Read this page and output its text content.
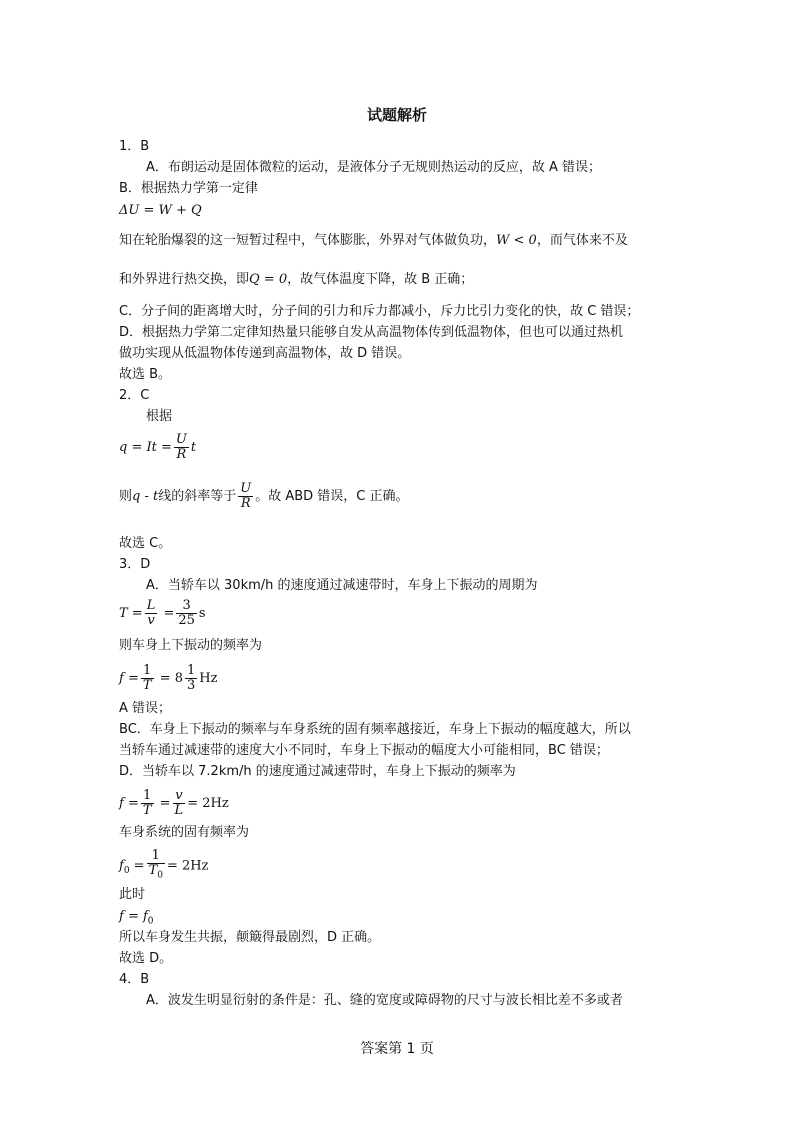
试题解析
1．B
A．布朗运动是固体微粒的运动，是液体分子无规则热运动的反应，故 A 错误；
B．根据热力学第一定律
ΔU = W + Q
知在轮胎爆裂的这一短暂过程中，气体膨胀，外界对气体做负功，W < 0，而气体来不及
和外界进行热交换，即Q = 0，故气体温度下降，故 B 正确；
C．分子间的距离增大时，分子间的引力和斥力都减小，斥力比引力变化的快，故 C 错误；
D．根据热力学第二定律知热量只能够自发从高温物体传到低温物体，但也可以通过热机
做功实现从低温物体传递到高温物体，故 D 错误。
故选 B。
2．C
根据
$q = It = \frac{U}{R}$ t
则q - t线的斜率等于 $\frac{U}{R}$ 。故 ABD 错误，C 正确。
故选 C。
3．D
A．当轿车以 30km/h 的速度通过减速带时，车身上下振动的周期为
$T = \frac{L}{v} = \frac{3}{25}$ s
则车身上下振动的频率为
$f = \frac{1}{T} = 8 \frac{1}{3}$ Hz
A 错误；
BC．车身上下振动的频率与车身系统的固有频率越接近，车身上下振动的幅度越大，所以
当轿车通过减速带的速度大小不同时，车身上下振动的幅度大小可能相同，BC 错误；
D．当轿车以 7.2km/h 的速度通过减速带时，车身上下振动的频率为
$f = \frac{1}{T} = \frac{v}{L} = 2Hz$
车身系统的固有频率为
$f_0 = \frac{1}{T_0} = 2Hz$
此时
$f = f_0$
所以车身发生共振，颠簸得最剧烈，D 正确。
故选 D。
4．B
A．波发生明显衍射的条件是：孔、缝的宽度或障碍物的尺寸与波长相比差不多或者
答案第 1 页
